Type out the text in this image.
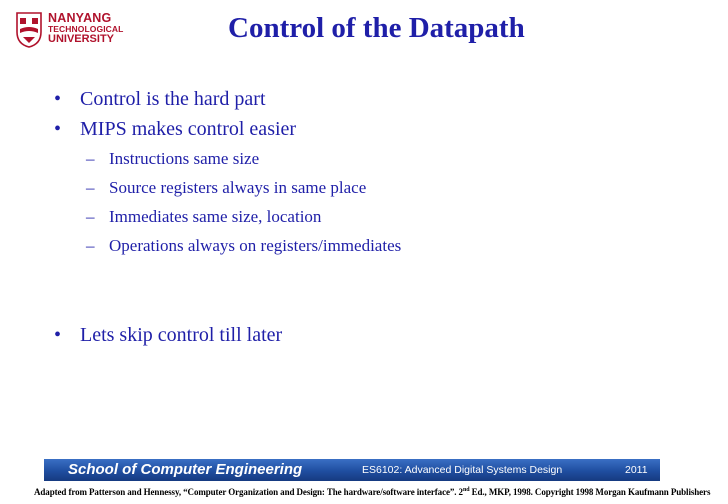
NANYANG
TECHNOLOGICAL
UNIVERSITY	Control of the Datapath
• Control is the hard part
• MIPS makes control easier
– Instructions same size
– Source registers always in same place
– Immediates same size, location
– Operations always on registers/immediates
• Lets skip control till later
School of Computer Engineering	ES6102: Advanced Digital Systems Design	2011
Adapted from Patterson and Hennessy, “Computer Organization and Design: The hardware/software interface”. 2nd Ed., MKP, 1998. Copyright 1998 Morgan Kaufmann Publishers
